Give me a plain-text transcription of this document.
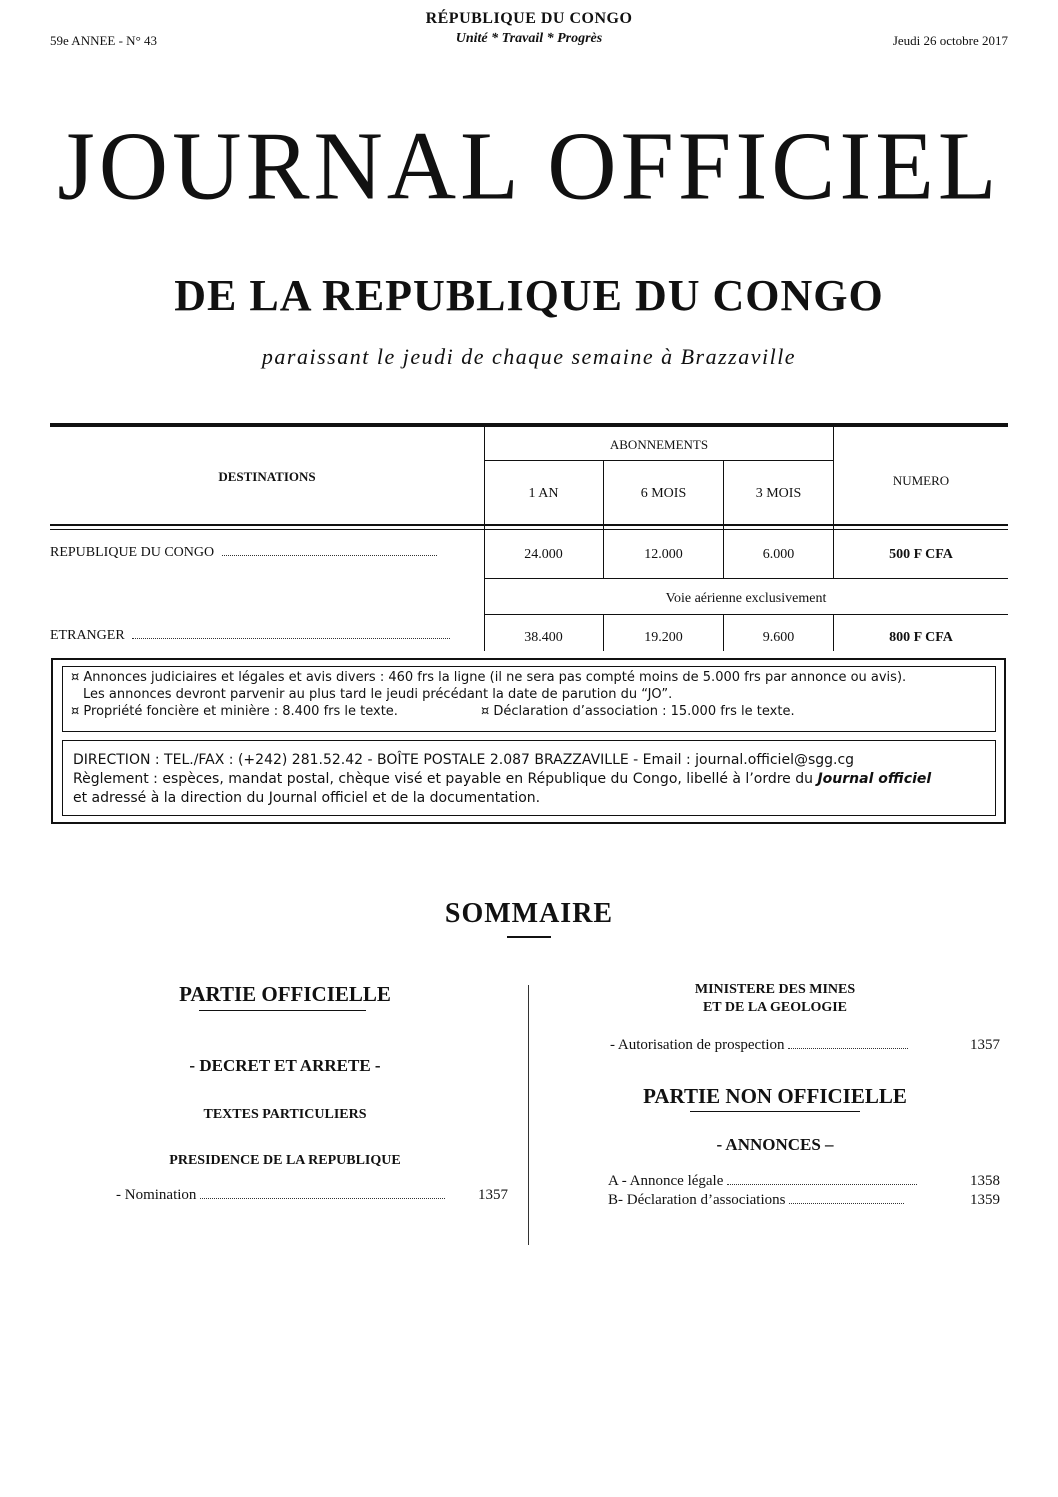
RÉPUBLIQUE DU CONGO
Unité * Travail * Progrès
59e ANNEE - N° 43	Jeudi 26 octobre 2017
JOURNAL OFFICIEL
DE LA REPUBLIQUE DU CONGO
paraissant le jeudi de chaque semaine à Brazzaville
DESTINATIONS
ABONNEMENTS
1 AN	6 MOIS	3 MOIS
NUMERO
REPUBLIQUE DU CONGO	24.000	12.000	6.000	500 F CFA
Voie aérienne exclusivement
ETRANGER	38.400	19.200	9.600	800 F CFA
¤ Annonces judiciaires et légales et avis divers : 460 frs la ligne (il ne sera pas compté moins de 5.000 frs par annonce ou avis).
Les annonces devront parvenir au plus tard le jeudi précédant la date de parution du “JO”.
¤ Propriété foncière et minière : 8.400 frs le texte.	¤ Déclaration d’association : 15.000 frs le texte.
DIRECTION : TEL./FAX : (+242) 281.52.42 - BOÎTE POSTALE 2.087 BRAZZAVILLE - Email : journal.officiel@sgg.cg
Règlement : espèces, mandat postal, chèque visé et payable en République du Congo, libellé à l’ordre du Journal officiel
et adressé à la direction du Journal officiel et de la documentation.
SOMMAIRE
PARTIE OFFICIELLE
- DECRET ET ARRETE -
TEXTES PARTICULIERS
PRESIDENCE DE LA REPUBLIQUE
- Nomination	1357
MINISTERE DES MINES
ET DE LA GEOLOGIE
- Autorisation de prospection	1357
PARTIE NON OFFICIELLE
- ANNONCES –
A - Annonce légale	1358
B- Déclaration d’associations	1359
